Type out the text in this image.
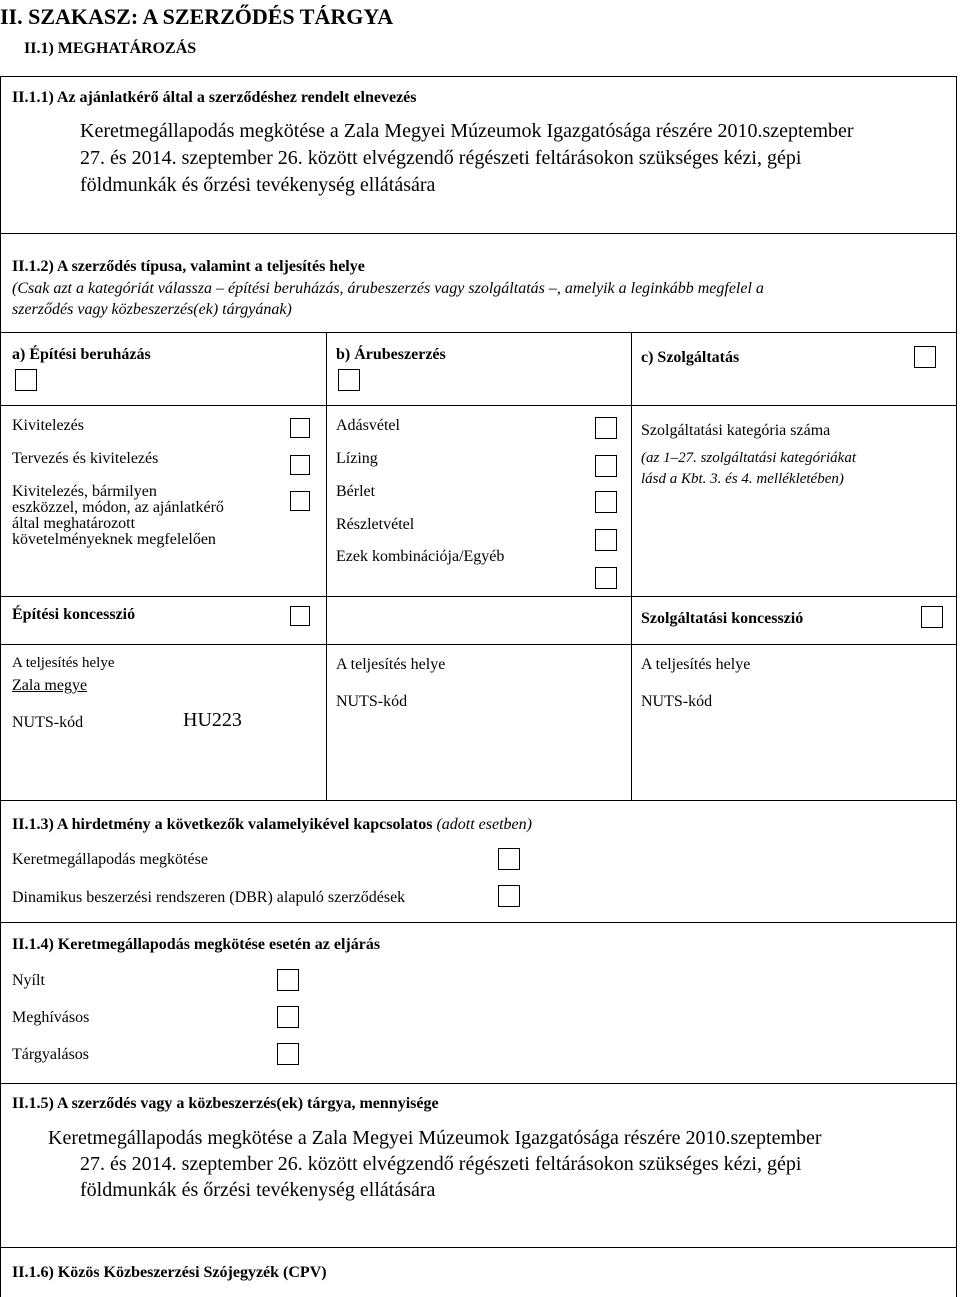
II. SZAKASZ: A SZERZŐDÉS TÁRGYA
II.1) MEGHATÁROZÁS
II.1.1) Az ajánlatkérő által a szerződéshez rendelt elnevezés
Keretmegállapodás megkötése a Zala Megyei Múzeumok Igazgatósága részére 2010.szeptember
27. és 2014. szeptember 26. között elvégzendő régészeti feltárásokon szükséges kézi, gépi
földmunkák és őrzési tevékenység ellátására
II.1.2) A szerződés típusa, valamint a teljesítés helye
(Csak azt a kategóriát válassza – építési beruházás, árubeszerzés vagy szolgáltatás –, amelyik a leginkább megfelel a
szerződés vagy közbeszerzés(ek) tárgyának)
a) Építési beruházás	b) Árubeszerzés	c) Szolgáltatás
Kivitelezés
Tervezés és kivitelezés
Kivitelezés, bármilyen
eszközzel, módon, az ajánlatkérő
által meghatározott
követelményeknek megfelelően
Adásvétel
Lízing
Bérlet
Részletvétel
Ezek kombinációja/Egyéb
Szolgáltatási kategória száma
(az 1–27. szolgáltatási kategóriákat
lásd a Kbt. 3. és 4. mellékletében)
Építési koncesszió	Szolgáltatási koncesszió
A teljesítés helye
Zala megye
NUTS-kód	HU223
A teljesítés helye
NUTS-kód
A teljesítés helye
NUTS-kód
II.1.3) A hirdetmény a következők valamelyikével kapcsolatos (adott esetben)
Keretmegállapodás megkötése
Dinamikus beszerzési rendszeren (DBR) alapuló szerződések
II.1.4) Keretmegállapodás megkötése esetén az eljárás
Nyílt
Meghívásos
Tárgyalásos
II.1.5) A szerződés vagy a közbeszerzés(ek) tárgya, mennyisége
Keretmegállapodás megkötése a Zala Megyei Múzeumok Igazgatósága részére 2010.szeptember
27. és 2014. szeptember 26. között elvégzendő régészeti feltárásokon szükséges kézi, gépi
földmunkák és őrzési tevékenység ellátására
II.1.6) Közös Közbeszerzési Szójegyzék (CPV)
